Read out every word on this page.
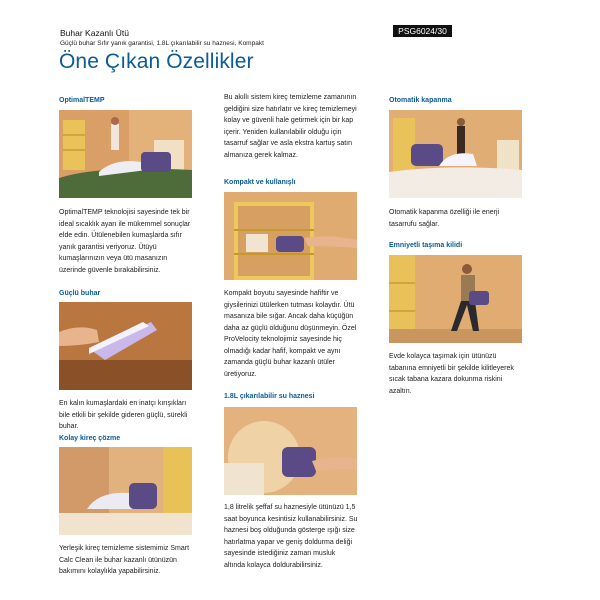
Buhar Kazanlı Ütü
Güçlü buhar Sıfır yanık garantisi, 1.8L çıkarılabilir su haznesi, Kompakt
PSG6024/30
Öne Çıkan Özellikler

OptimalTEMP

OptimalTEMP teknolojisi sayesinde tek bir ideal sıcaklık ayarı ile mükemmel sonuçlar elde edin. Ütülenebilen kumaşlarda sıfır yanık garantisi veriyoruz. Ütüyü kumaşlarınızın veya ütü masanızın üzerinde güvenle bırakabilirsiniz.

Güçlü buhar

En kalın kumaşlardaki en inatçı kırışıkları bile etkili bir şekilde gideren güçlü, sürekli buhar.

Kolay kireç çözme

Yerleşik kireç temizleme sistemimiz Smart Calc Clean ile buhar kazanlı ütünüzün bakımını kolaylıkla yapabilirsiniz.

Bu akıllı sistem kireç temizleme zamanının geldiğini size hatırlatır ve kireç temizlemeyi kolay ve güvenli hale getirmek için bir kap içerir. Yeniden kullanılabilir olduğu için tasarruf sağlar ve asla ekstra kartuş satın almanıza gerek kalmaz.

Kompakt ve kullanışlı

Kompakt boyutu sayesinde hafiftir ve giysilerinizi ütülerken tutması kolaydır. Ütü masanıza bile sığar. Ancak daha küçüğün daha az güçlü olduğunu düşünmeyin. Özel ProVelocity teknolojimiz sayesinde hiç olmadığı kadar hafif, kompakt ve aynı zamanda güçlü buhar kazanlı ütüler üretiyoruz.

1.8L çıkarılabilir su haznesi

1,8 litrelik şeffaf su haznesiyle ütünüzü 1,5 saat boyunca kesintisiz kullanabilirsiniz. Su haznesi boş olduğunda gösterge ışığı size hatırlatma yapar ve geniş doldurma deliği sayesinde istediğiniz zaman musluk altında kolayca doldurabilirsiniz.

Otomatik kapanma

Otomatik kapanma özelliği ile enerji tasarrufu sağlar.

Emniyetli taşıma kilidi

Evde kolayca taşımak için ütünüzü tabanına emniyetli bir şekilde kilitleyerek sıcak tabana kazara dokunma riskini azaltın.
